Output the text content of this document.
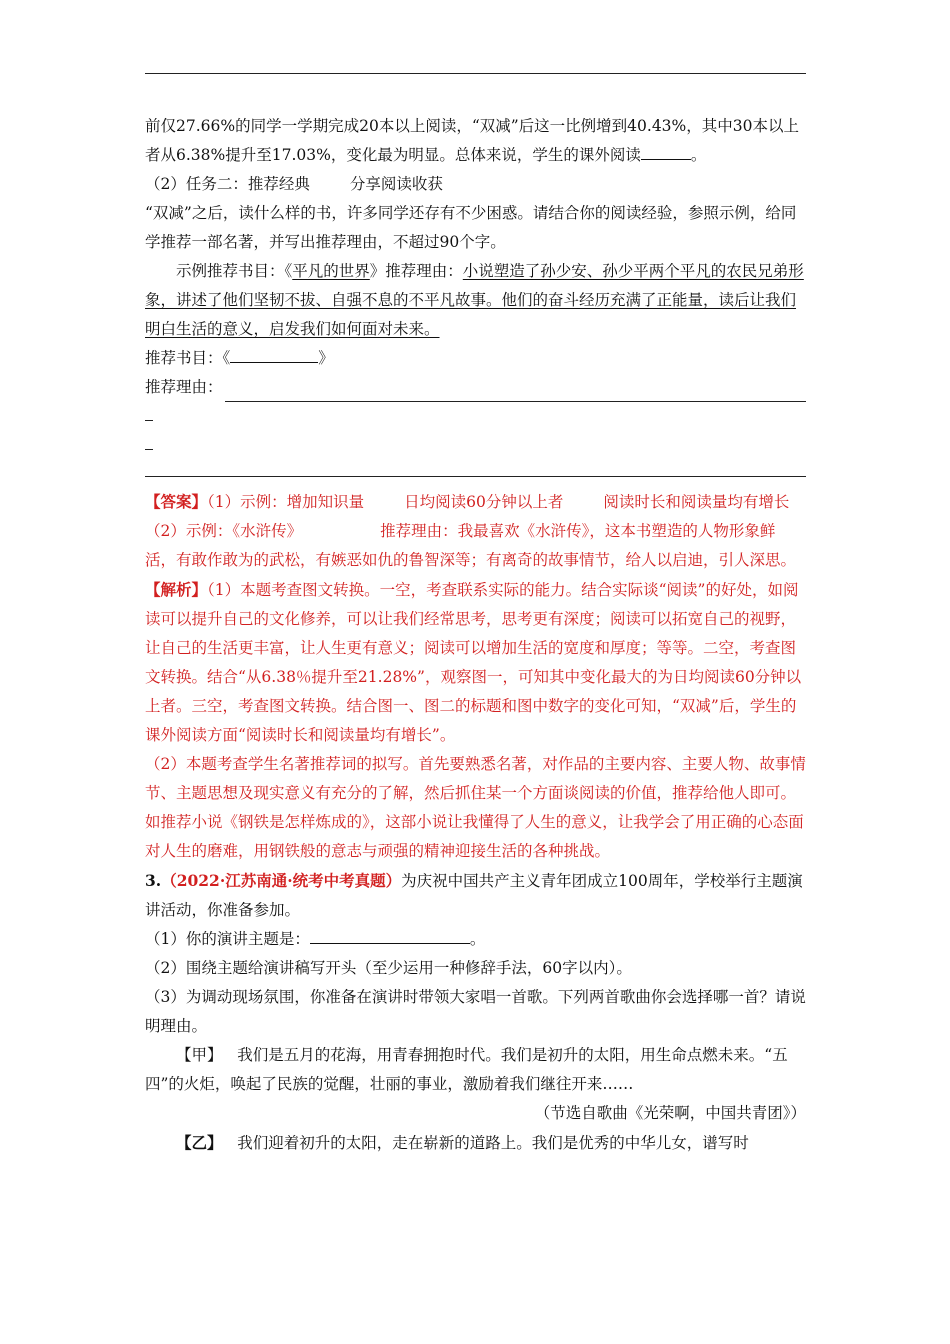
前仅27.66%的同学一学期完成20本以上阅读，“双减”后这一比例增到40.43%，其中30本以上者从6.38%提升至17.03%，变化最为明显。总体来说，学生的课外阅读	。

（2）任务二：推荐经典	分享阅读收获

“双减”之后，读什么样的书，许多同学还存有不少困惑。请结合你的阅读经验，参照示例，给同学推荐一部名著，并写出推荐理由，不超过90个字。

示例推荐书目：《平凡的世界》推荐理由：小说塑造了孙少安、孙少平两个平凡的农民兄弟形象，讲述了他们坚韧不拔、自强不息的不平凡故事。他们的奋斗经历充满了正能量，读后让我们明白生活的意义，启发我们如何面对未来。

推荐书目：《	》

推荐理由：

【答案】（1）示例：增加知识量	日均阅读60分钟以上者	阅读时长和阅读量均有增长

（2）示例：《水浒传》	推荐理由：我最喜欢《水浒传》，这本书塑造的人物形象鲜活，有敢作敢为的武松，有嫉恶如仇的鲁智深等；有离奇的故事情节，给人以启迪，引人深思。

【解析】（1）本题考查图文转换。一空，考查联系实际的能力。结合实际谈“阅读”的好处，如阅读可以提升自己的文化修养，可以让我们经常思考，思考更有深度；阅读可以拓宽自己的视野，让自己的生活更丰富，让人生更有意义；阅读可以增加生活的宽度和厚度；等等。二空，考查图文转换。结合“从6.38％提升至21.28%”，观察图一，可知其中变化最大的为日均阅读60分钟以上者。三空，考查图文转换。结合图一、图二的标题和图中数字的变化可知，“双减”后，学生的课外阅读方面“阅读时长和阅读量均有增长”。

（2）本题考查学生名著推荐词的拟写。首先要熟悉名著，对作品的主要内容、主要人物、故事情节、主题思想及现实意义有充分的了解，然后抓住某一个方面谈阅读的价值，推荐给他人即可。

如推荐小说《钢铁是怎样炼成的》，这部小说让我懂得了人生的意义，让我学会了用正确的心态面对人生的磨难，用钢铁般的意志与顽强的精神迎接生活的各种挑战。

3.（2022·江苏南通·统考中考真题）为庆祝中国共产主义青年团成立100周年，学校举行主题演讲活动，你准备参加。

（1）你的演讲主题是：	。

（2）围绕主题给演讲稿写开头（至少运用一种修辞手法，60字以内）。

（3）为调动现场氛围，你准备在演讲时带领大家唱一首歌。下列两首歌曲你会选择哪一首？请说明理由。

【甲】 我们是五月的花海，用青春拥抱时代。我们是初升的太阳，用生命点燃未来。“五四”的火炬，唤起了民族的觉醒，壮丽的事业，激励着我们继往开来……

（节选自歌曲《光荣啊，中国共青团》）

【乙】 我们迎着初升的太阳，走在崭新的道路上。我们是优秀的中华儿女，谱写时
